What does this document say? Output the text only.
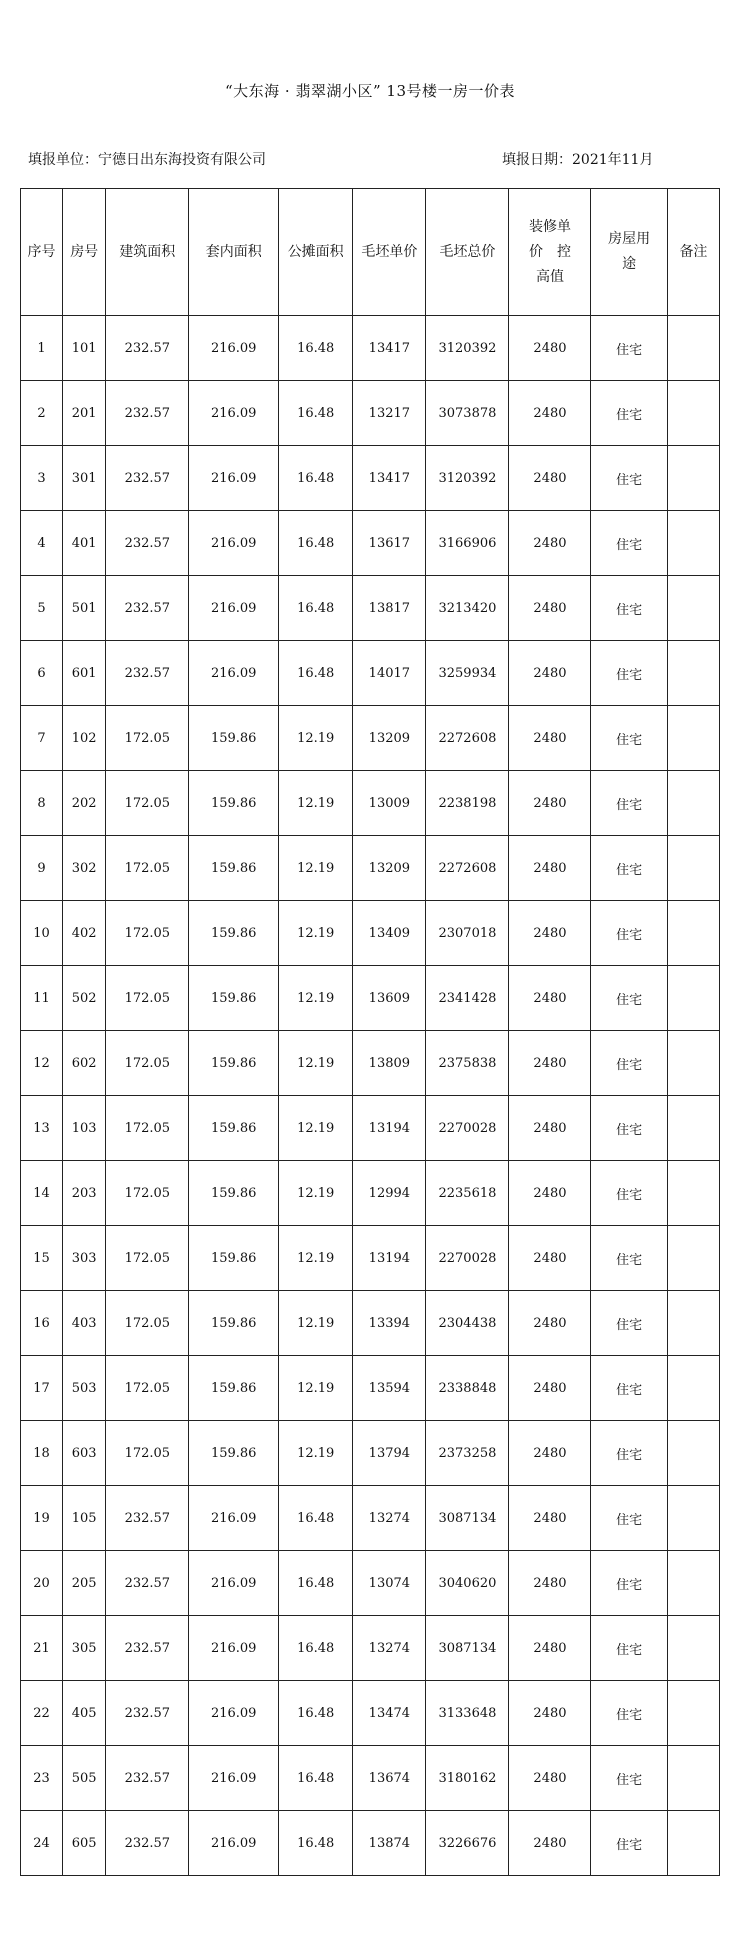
“大东海 · 翡翠湖小区” 13号楼一房一价表
填报单位：宁德日出东海投资有限公司	填报日期：2021年11月
序号	房号	建筑面积	套内面积	公摊面积	毛坯单价	毛坯总价	装修单
价　控
高值	房屋用
途	备注
1	101	232.57	216.09	16.48	13417	3120392	2480	住宅	
2	201	232.57	216.09	16.48	13217	3073878	2480	住宅	
3	301	232.57	216.09	16.48	13417	3120392	2480	住宅	
4	401	232.57	216.09	16.48	13617	3166906	2480	住宅	
5	501	232.57	216.09	16.48	13817	3213420	2480	住宅	
6	601	232.57	216.09	16.48	14017	3259934	2480	住宅	
7	102	172.05	159.86	12.19	13209	2272608	2480	住宅	
8	202	172.05	159.86	12.19	13009	2238198	2480	住宅	
9	302	172.05	159.86	12.19	13209	2272608	2480	住宅	
10	402	172.05	159.86	12.19	13409	2307018	2480	住宅	
11	502	172.05	159.86	12.19	13609	2341428	2480	住宅	
12	602	172.05	159.86	12.19	13809	2375838	2480	住宅	
13	103	172.05	159.86	12.19	13194	2270028	2480	住宅	
14	203	172.05	159.86	12.19	12994	2235618	2480	住宅	
15	303	172.05	159.86	12.19	13194	2270028	2480	住宅	
16	403	172.05	159.86	12.19	13394	2304438	2480	住宅	
17	503	172.05	159.86	12.19	13594	2338848	2480	住宅	
18	603	172.05	159.86	12.19	13794	2373258	2480	住宅	
19	105	232.57	216.09	16.48	13274	3087134	2480	住宅	
20	205	232.57	216.09	16.48	13074	3040620	2480	住宅	
21	305	232.57	216.09	16.48	13274	3087134	2480	住宅	
22	405	232.57	216.09	16.48	13474	3133648	2480	住宅	
23	505	232.57	216.09	16.48	13674	3180162	2480	住宅	
24	605	232.57	216.09	16.48	13874	3226676	2480	住宅	
